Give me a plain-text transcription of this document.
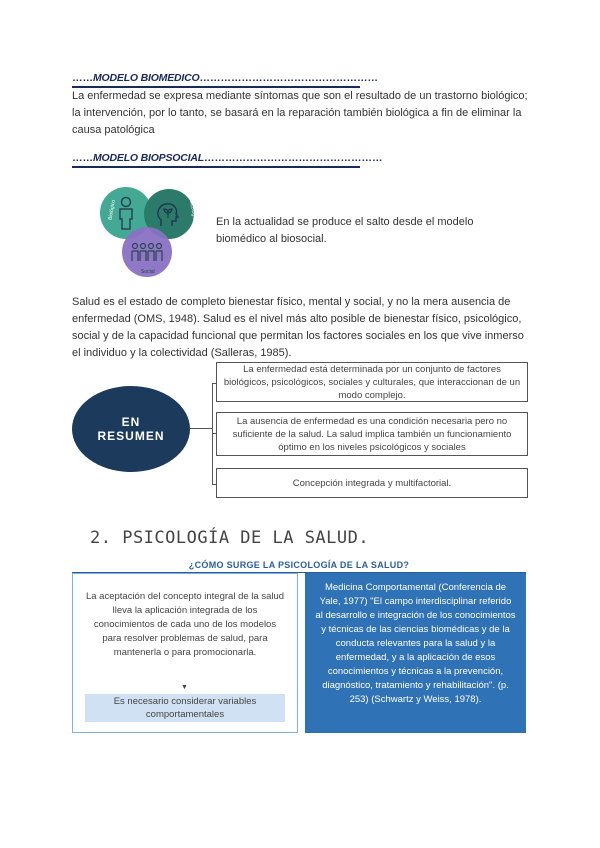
……MODELO BIOMEDICO……………………………………………

La enfermedad se expresa mediante síntomas que son el resultado de un trastorno biológico; la intervención, por lo tanto, se basará en la reparación también biológica a fin de eliminar la causa patológica

……MODELO BIOPSOCIAL……………………………………………
Biológico	Psicológico
Social

En la actualidad se produce el salto desde el modelo biomédico al biosocial.

Salud es el estado de completo bienestar físico, mental y social, y no la mera ausencia de enfermedad (OMS, 1948). Salud es el nivel más alto posible de bienestar físico, psicológico, social y de la capacidad funcional que permitan los factores sociales en los que vive inmerso el individuo y la colectividad (Salleras, 1985).

EN
RESUMEN
La enfermedad está determinada por un conjunto de factores biológicos, psicológicos, sociales y culturales, que interaccionan de un modo complejo.
La ausencia de enfermedad es una condición necesaria pero no suficiente de la salud. La salud implica también un funcionamiento óptimo en los niveles psicológicos y sociales
Concepción integrada y multifactorial.
2. PSICOLOGÍA DE LA SALUD.
¿CÓMO SURGE LA PSICOLOGÍA DE LA SALUD?
La aceptación del concepto integral de la salud lleva la aplicación integrada de los conocimientos de cada uno de los modelos para resolver problemas de salud, para mantenerla o para promocionarla.
▼
Es necesario considerar variables comportamentales
Medicina Comportamental (Conferencia de Yale, 1977) "El campo interdisciplinar referido al desarrollo e integración de los conocimientos y técnicas de las ciencias biomédicas y de la conducta relevantes para la salud y la enfermedad, y a la aplicación de esos conocimientos y técnicas a la prevención, diagnóstico, tratamiento y rehabilitación". (p. 253) (Schwartz y Weiss, 1978).
